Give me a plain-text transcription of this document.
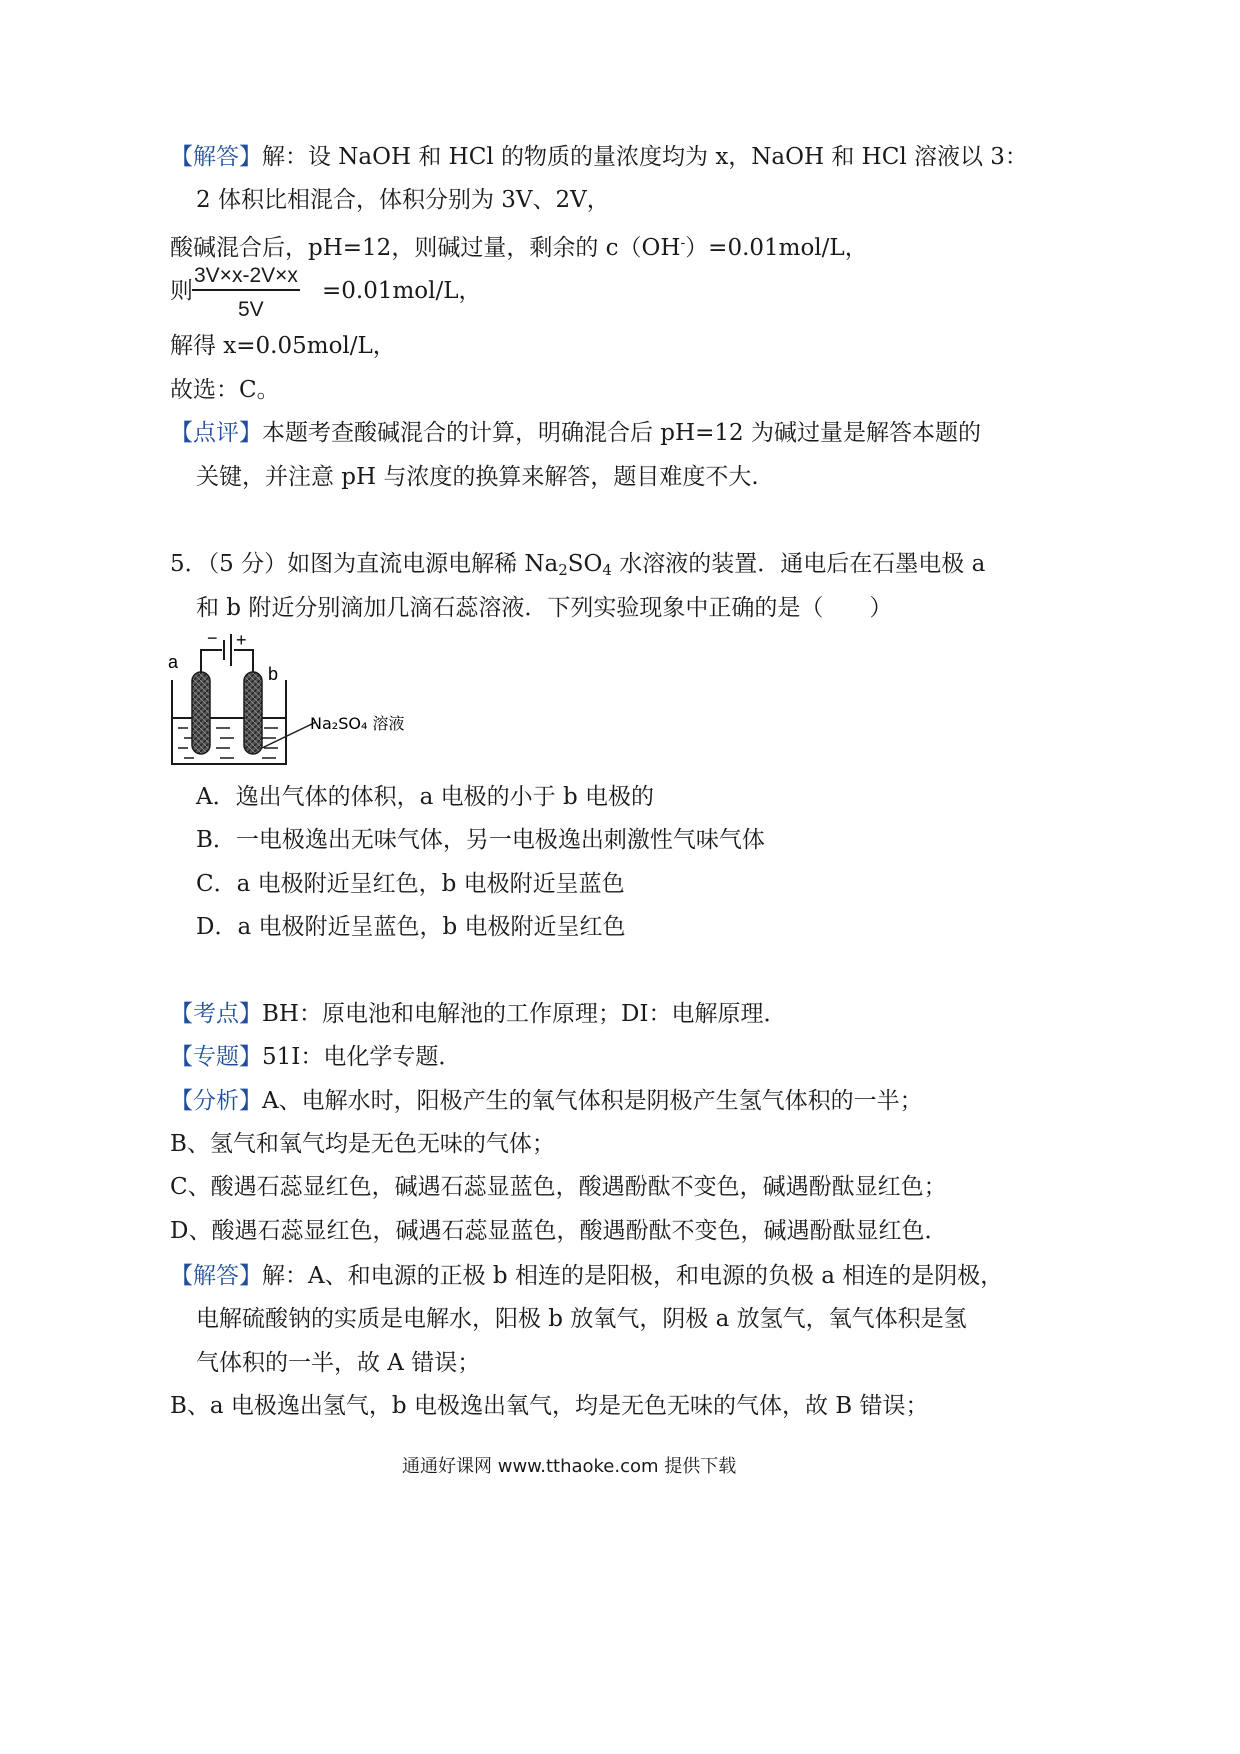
【解答】解：设 NaOH 和 HCl 的物质的量浓度均为 x，NaOH 和 HCl 溶液以 3：
2 体积比相混合，体积分别为 3V、2V，
酸碱混合后，pH=12，则碱过量，剩余的 c（OH-）=0.01mol/L，
则 $\frac{3V\times x-2V\times x}{5V} =0.01mol/L$，
解得 x=0.05mol/L，
故选：C。
【点评】本题考查酸碱混合的计算，明确混合后 pH=12 为碱过量是解答本题的
关键，并注意 pH 与浓度的换算来解答，题目难度不大.
5．（5 分）如图为直流电源电解稀 $Na_2SO_4$ 水溶液的装置．通电后在石墨电极 a
和 b 附近分别滴加几滴石蕊溶液．下列实验现象中正确的是（　　）
− +
a
b
Na₂SO₄ 溶液
A．逸出气体的体积，a 电极的小于 b 电极的
B．一电极逸出无味气体，另一电极逸出刺激性气味气体
C．a 电极附近呈红色，b 电极附近呈蓝色
D．a 电极附近呈蓝色，b 电极附近呈红色
【考点】BH：原电池和电解池的工作原理；DI：电解原理．
【专题】51I：电化学专题．
【分析】A、电解水时，阳极产生的氧气体积是阴极产生氢气体积的一半；
B、氢气和氧气均是无色无味的气体；
C、酸遇石蕊显红色，碱遇石蕊显蓝色，酸遇酚酞不变色，碱遇酚酞显红色；
D、酸遇石蕊显红色，碱遇石蕊显蓝色，酸遇酚酞不变色，碱遇酚酞显红色．
【解答】解：A、和电源的正极 b 相连的是阳极，和电源的负极 a 相连的是阴极，
电解硫酸钠的实质是电解水，阳极 b 放氧气，阴极 a 放氢气，氧气体积是氢
气体积的一半，故 A 错误；
B、a 电极逸出氢气，b 电极逸出氧气，均是无色无味的气体，故 B 错误；
通通好课网 www.tthaoke.com 提供下载
